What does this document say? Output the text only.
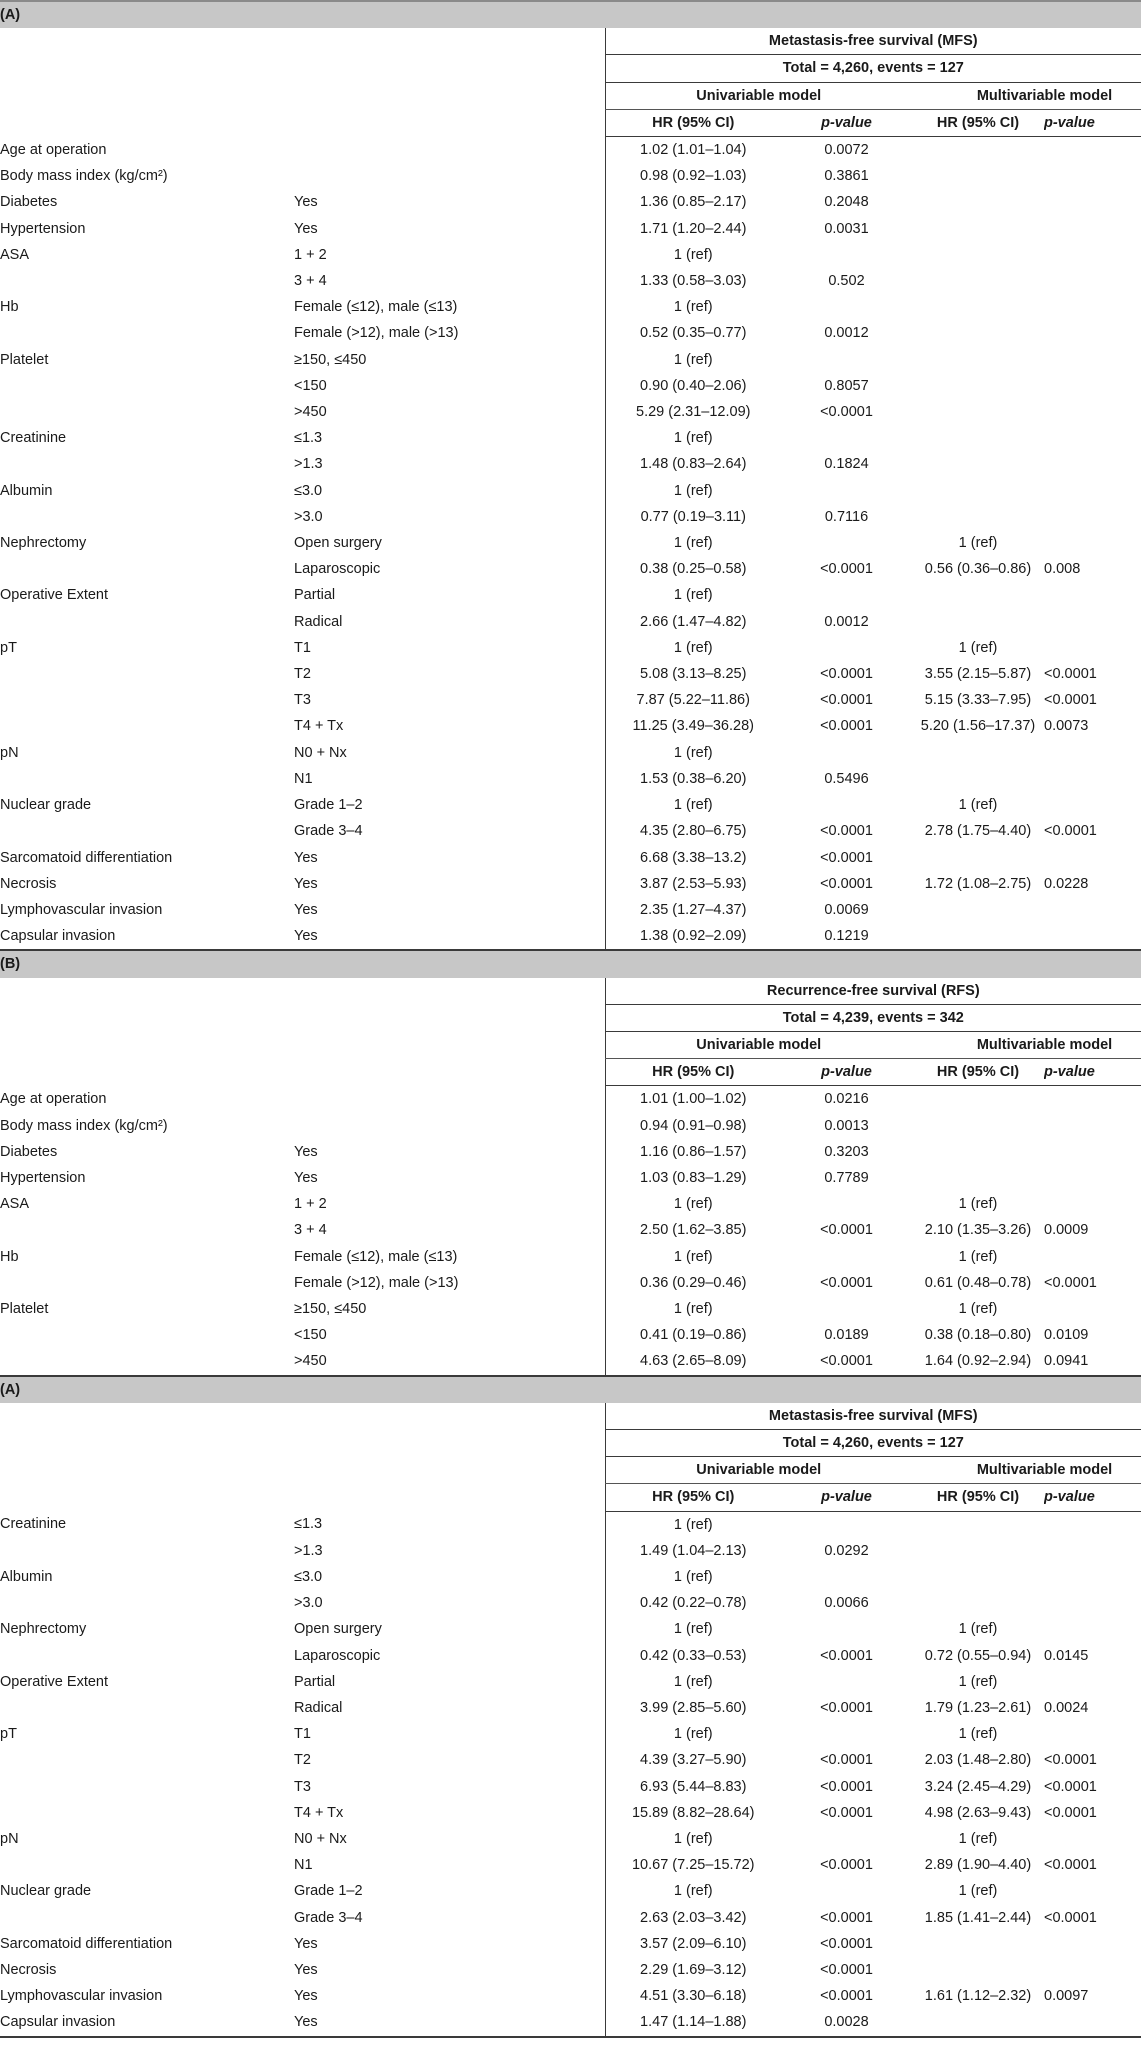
(A)					
		Metastasis-free survival (MFS)			
		Total = 4,260, events = 127			
		Univariable model		Multivariable model	
		HR (95% CI)	p-value	HR (95% CI)	p-value
Age at operation		1.02 (1.01–1.04)	0.0072		
Body mass index (kg/cm²)		0.98 (0.92–1.03)	0.3861		
Diabetes	Yes	1.36 (0.85–2.17)	0.2048		
Hypertension	Yes	1.71 (1.20–2.44)	0.0031		
ASA	1 + 2	1 (ref)			
	3 + 4	1.33 (0.58–3.03)	0.502		
Hb	Female (≤12), male (≤13)	1 (ref)			
	Female (>12), male (>13)	0.52 (0.35–0.77)	0.0012		
Platelet	≥150, ≤450	1 (ref)			
	<150	0.90 (0.40–2.06)	0.8057		
	>450	5.29 (2.31–12.09)	<0.0001		
Creatinine	≤1.3	1 (ref)			
	>1.3	1.48 (0.83–2.64)	0.1824		
Albumin	≤3.0	1 (ref)			
	>3.0	0.77 (0.19–3.11)	0.7116		
Nephrectomy	Open surgery	1 (ref)		1 (ref)	
	Laparoscopic	0.38 (0.25–0.58)	<0.0001	0.56 (0.36–0.86)	0.008
Operative Extent	Partial	1 (ref)			
	Radical	2.66 (1.47–4.82)	0.0012		
pT	T1	1 (ref)		1 (ref)	
	T2	5.08 (3.13–8.25)	<0.0001	3.55 (2.15–5.87)	<0.0001
	T3	7.87 (5.22–11.86)	<0.0001	5.15 (3.33–7.95)	<0.0001
	T4 + Tx	11.25 (3.49–36.28)	<0.0001	5.20 (1.56–17.37)	0.0073
pN	N0 + Nx	1 (ref)			
	N1	1.53 (0.38–6.20)	0.5496		
Nuclear grade	Grade 1–2	1 (ref)		1 (ref)	
	Grade 3–4	4.35 (2.80–6.75)	<0.0001	2.78 (1.75–4.40)	<0.0001
Sarcomatoid differentiation	Yes	6.68 (3.38–13.2)	<0.0001		
Necrosis	Yes	3.87 (2.53–5.93)	<0.0001	1.72 (1.08–2.75)	0.0228
Lymphovascular invasion	Yes	2.35 (1.27–4.37)	0.0069		
Capsular invasion	Yes	1.38 (0.92–2.09)	0.1219		
(B)					
		Recurrence-free survival (RFS)			
		Total = 4,239, events = 342			
		Univariable model		Multivariable model	
		HR (95% CI)	p-value	HR (95% CI)	p-value
Age at operation		1.01 (1.00–1.02)	0.0216		
Body mass index (kg/cm²)		0.94 (0.91–0.98)	0.0013		
Diabetes	Yes	1.16 (0.86–1.57)	0.3203		
Hypertension	Yes	1.03 (0.83–1.29)	0.7789		
ASA	1 + 2	1 (ref)		1 (ref)	
	3 + 4	2.50 (1.62–3.85)	<0.0001	2.10 (1.35–3.26)	0.0009
Hb	Female (≤12), male (≤13)	1 (ref)		1 (ref)	
	Female (>12), male (>13)	0.36 (0.29–0.46)	<0.0001	0.61 (0.48–0.78)	<0.0001
Platelet	≥150, ≤450	1 (ref)		1 (ref)	
	<150	0.41 (0.19–0.86)	0.0189	0.38 (0.18–0.80)	0.0109
	>450	4.63 (2.65–8.09)	<0.0001	1.64 (0.92–2.94)	0.0941
(A)					
		Metastasis-free survival (MFS)			
		Total = 4,260, events = 127			
		Univariable model		Multivariable model	
		HR (95% CI)	p-value	HR (95% CI)	p-value
Creatinine	≤1.3	1 (ref)			
	>1.3	1.49 (1.04–2.13)	0.0292		
Albumin	≤3.0	1 (ref)			
	>3.0	0.42 (0.22–0.78)	0.0066		
Nephrectomy	Open surgery	1 (ref)		1 (ref)	
	Laparoscopic	0.42 (0.33–0.53)	<0.0001	0.72 (0.55–0.94)	0.0145
Operative Extent	Partial	1 (ref)		1 (ref)	
	Radical	3.99 (2.85–5.60)	<0.0001	1.79 (1.23–2.61)	0.0024
pT	T1	1 (ref)		1 (ref)	
	T2	4.39 (3.27–5.90)	<0.0001	2.03 (1.48–2.80)	<0.0001
	T3	6.93 (5.44–8.83)	<0.0001	3.24 (2.45–4.29)	<0.0001
	T4 + Tx	15.89 (8.82–28.64)	<0.0001	4.98 (2.63–9.43)	<0.0001
pN	N0 + Nx	1 (ref)		1 (ref)	
	N1	10.67 (7.25–15.72)	<0.0001	2.89 (1.90–4.40)	<0.0001
Nuclear grade	Grade 1–2	1 (ref)		1 (ref)	
	Grade 3–4	2.63 (2.03–3.42)	<0.0001	1.85 (1.41–2.44)	<0.0001
Sarcomatoid differentiation	Yes	3.57 (2.09–6.10)	<0.0001		
Necrosis	Yes	2.29 (1.69–3.12)	<0.0001		
Lymphovascular invasion	Yes	4.51 (3.30–6.18)	<0.0001	1.61 (1.12–2.32)	0.0097
Capsular invasion	Yes	1.47 (1.14–1.88)	0.0028		
